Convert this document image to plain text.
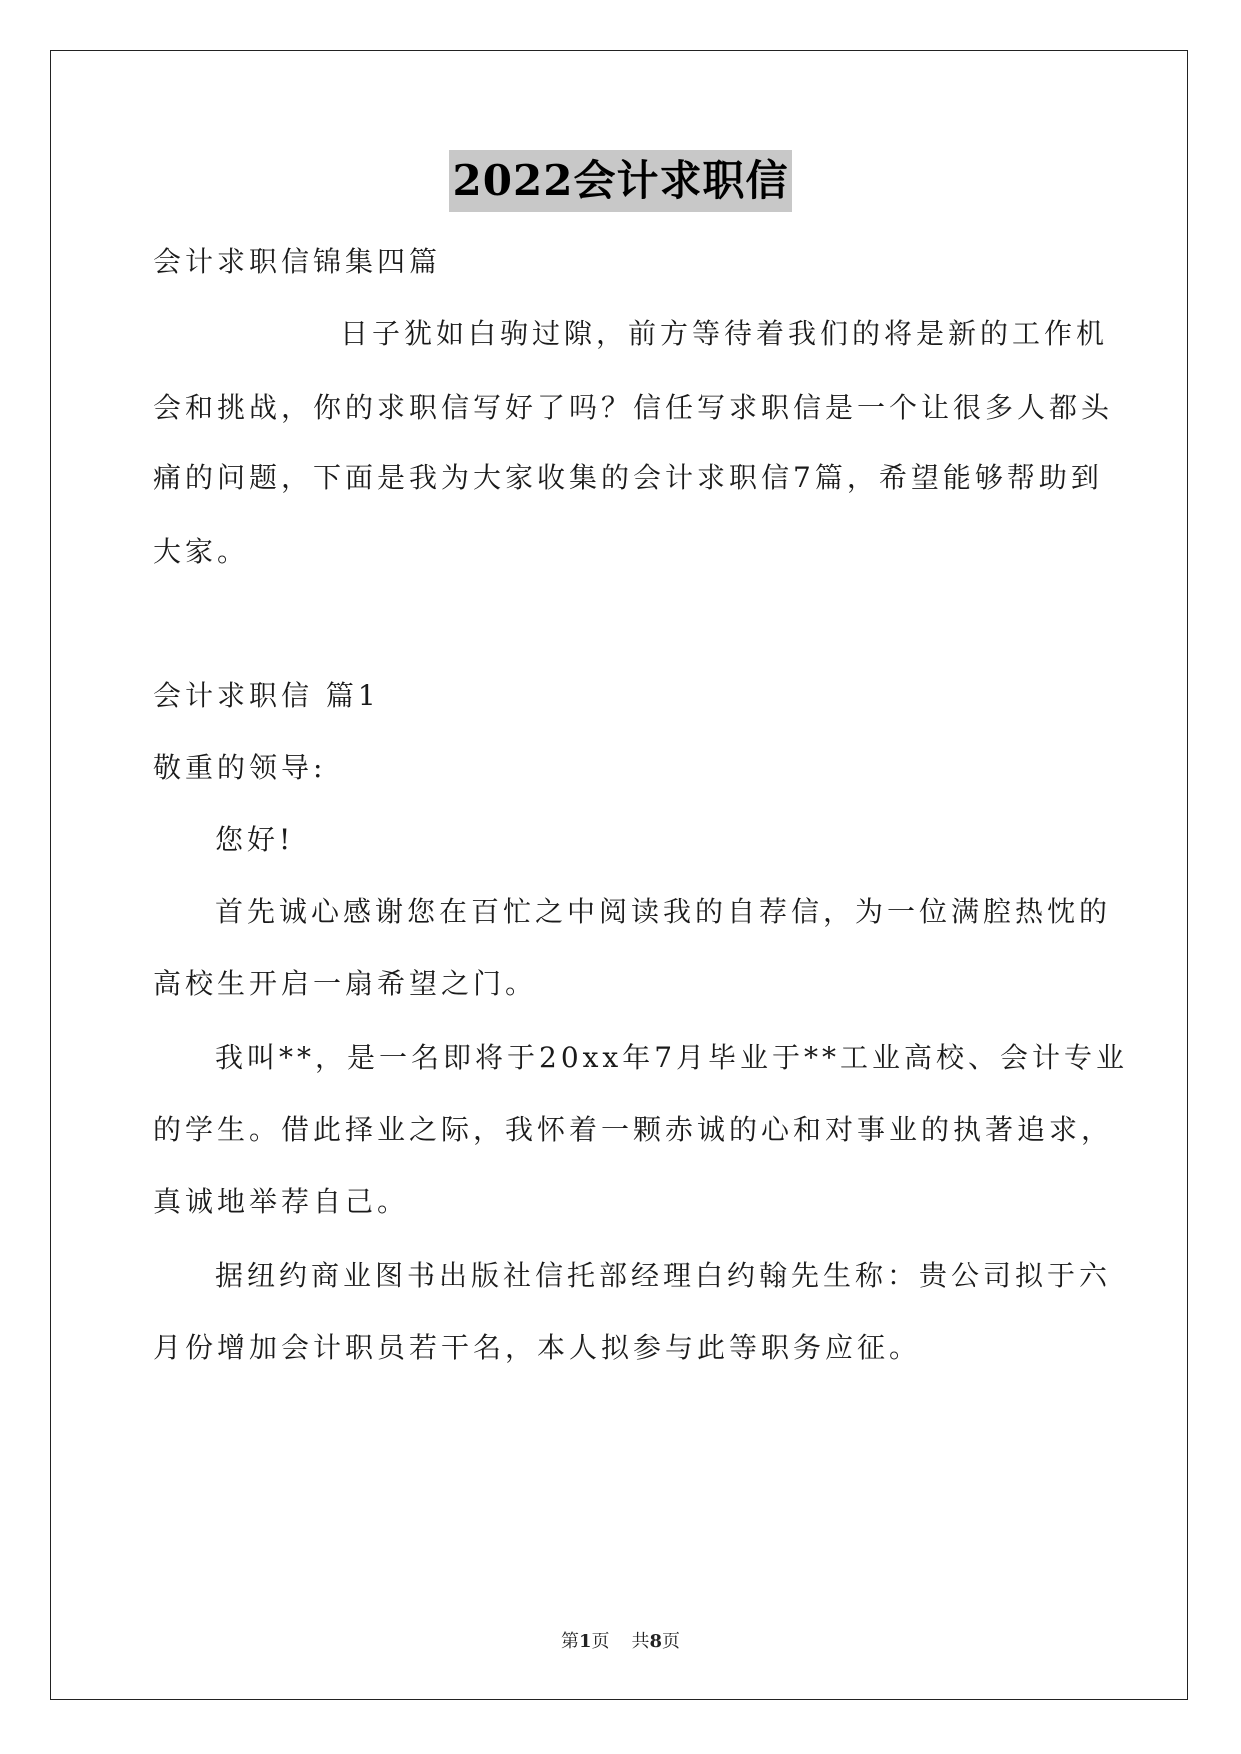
2022会计求职信
会计求职信锦集四篇
日子犹如白驹过隙，前方等待着我们的将是新的工作机
会和挑战，你的求职信写好了吗？信任写求职信是一个让很多人都头
痛的问题，下面是我为大家收集的会计求职信7篇，希望能够帮助到
大家。
会计求职信 篇1
敬重的领导:
您好!
首先诚心感谢您在百忙之中阅读我的自荐信，为一位满腔热忱的
高校生开启一扇希望之门。
我叫**，是一名即将于20xx年7月毕业于**工业高校、会计专业
的学生。借此择业之际，我怀着一颗赤诚的心和对事业的执著追求，
真诚地举荐自己。
据纽约商业图书出版社信托部经理白约翰先生称：贵公司拟于六
月份增加会计职员若干名，本人拟参与此等职务应征。
第1页 共8页
